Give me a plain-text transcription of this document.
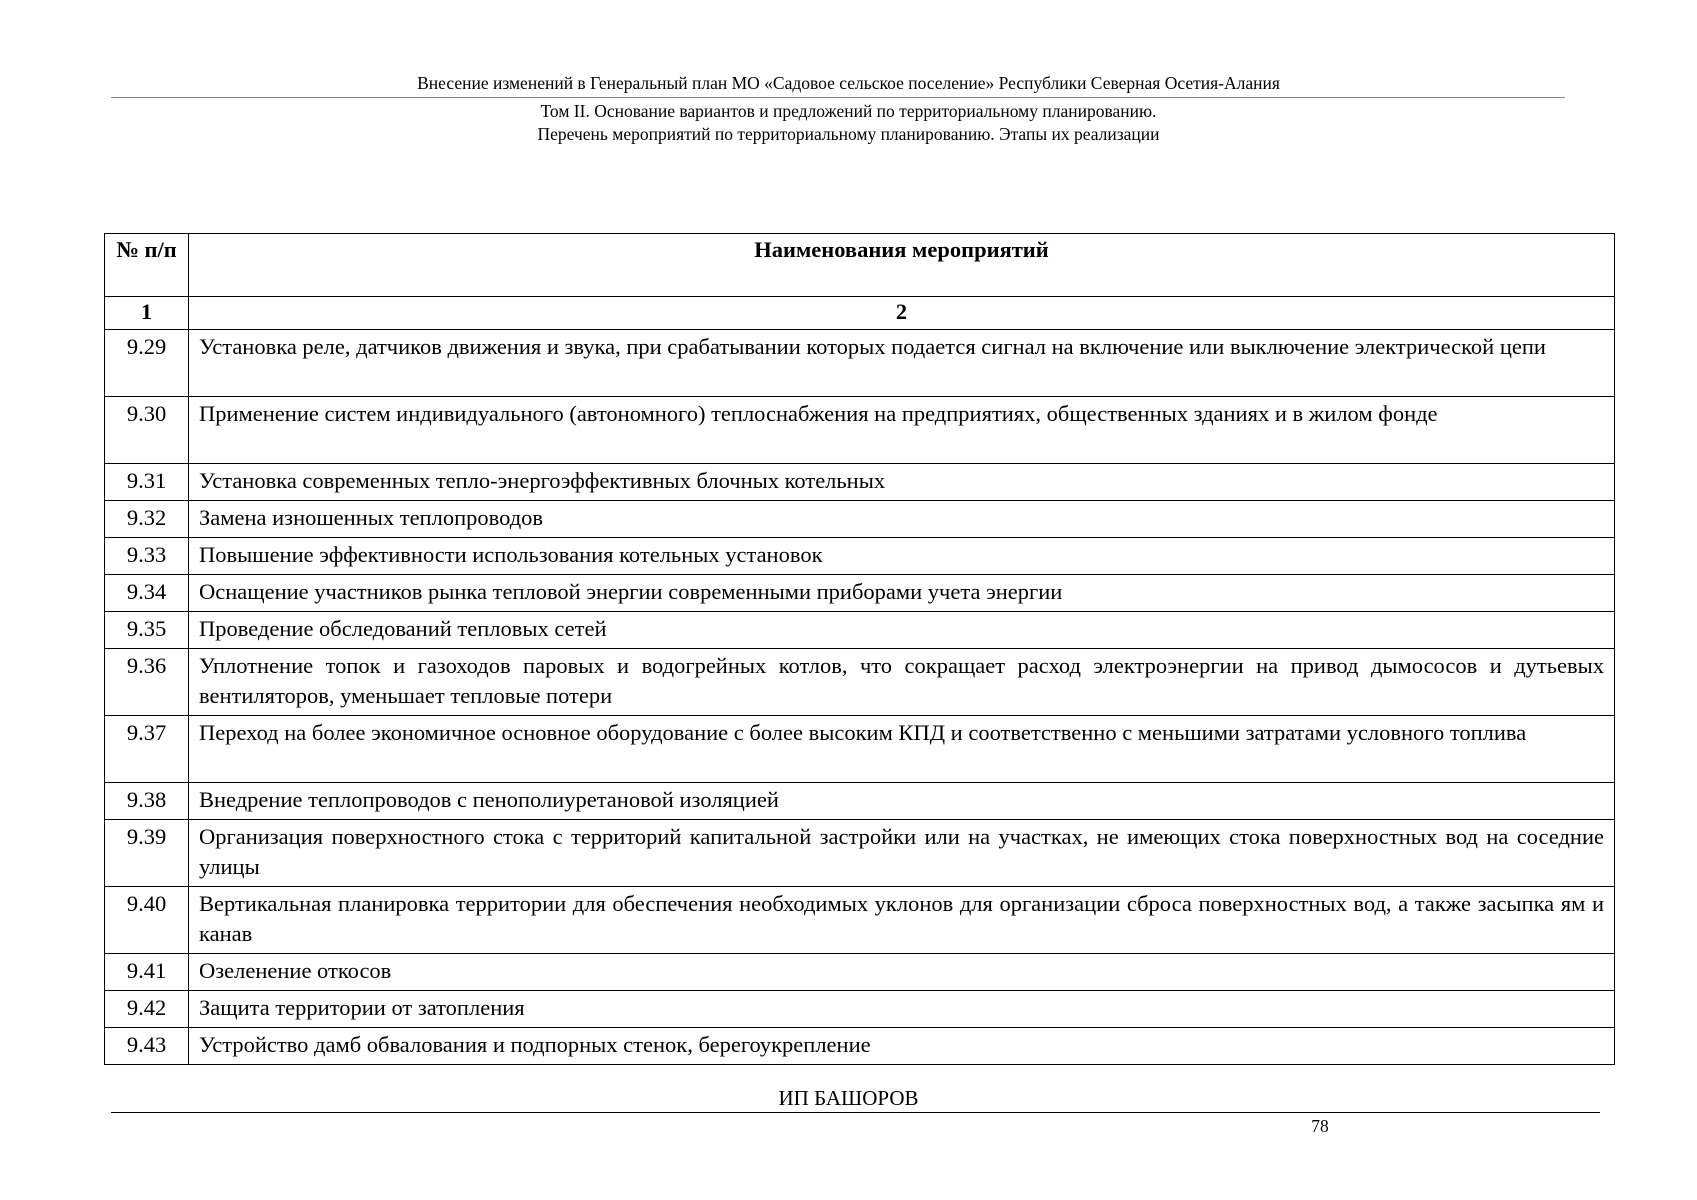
Внесение изменений в Генеральный план МО «Садовое сельское поселение» Республики Северная Осетия-Алания
Том II. Основание вариантов и предложений по территориальному планированию.
Перечень мероприятий по территориальному планированию. Этапы их реализации
№ п/п	Наименования мероприятий
1	2
9.29	Установка реле, датчиков движения и звука, при срабатывании которых подается сигнал на включение или выключение электрической цепи
9.30	Применение систем индивидуального (автономного) теплоснабжения на предприятиях, общественных зданиях и в жилом фонде
9.31	Установка современных тепло-энергоэффективных блочных котельных
9.32	Замена изношенных теплопроводов
9.33	Повышение эффективности использования котельных установок
9.34	Оснащение участников рынка тепловой энергии современными приборами учета энергии
9.35	Проведение обследований тепловых сетей
9.36	Уплотнение топок и газоходов паровых и водогрейных котлов, что сокращает расход электроэнергии на привод дымососов и дутьевых вентиляторов, уменьшает тепловые потери
9.37	Переход на более экономичное основное оборудование с более высоким КПД и соответственно с меньшими затратами условного топлива
9.38	Внедрение теплопроводов с пенополиуретановой изоляцией
9.39	Организация поверхностного стока с территорий капитальной застройки или на участках, не имеющих стока поверхностных вод на соседние улицы
9.40	Вертикальная планировка территории для обеспечения необходимых уклонов для организации сброса поверхностных вод, а также засыпка ям и канав
9.41	Озеленение откосов
9.42	Защита территории от затопления
9.43	Устройство дамб обвалования и подпорных стенок, берегоукрепление
ИП БАШОРОВ
78
